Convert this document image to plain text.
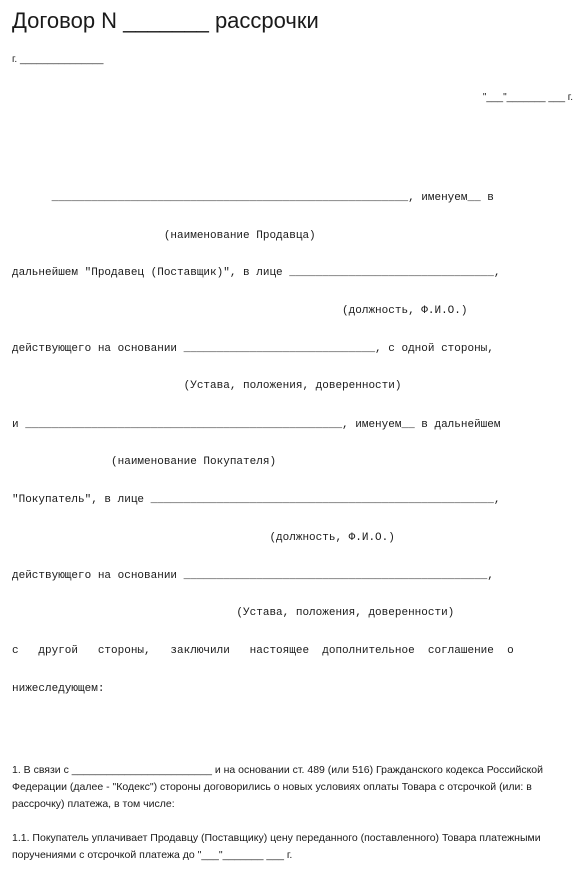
Договор N _______ рассрочки
г. _______________
"___"_______ ___ г.
______________________________________________________, именуем__ в
(наименование Продавца)
дальнейшем "Продавец (Поставщик)", в лице _______________________________,
(должность, Ф.И.О.)
действующего на основании _____________________________, с одной стороны,
(Устава, положения, доверенности)
и ________________________________________________, именуем__ в дальнейшем
(наименование Покупателя)
"Покупатель", в лице ____________________________________________________,
(должность, Ф.И.О.)
действующего на основании ______________________________________________,
(Устава, положения, доверенности)
с   другой   стороны,   заключили   настоящее  дополнительное  соглашение  о
нижеследующем:
1. В связи с ________________________ и на основании ст. 489 (или 516) Гражданского кодекса Российской Федерации (далее - "Кодекс") стороны договорились о новых условиях оплаты Товара с отсрочкой (или: в рассрочку) платежа, в том числе:
1.1. Покупатель уплачивает Продавцу (Поставщику) цену переданного (поставленного) Товара платежными поручениями с отсрочкой платежа до "___"_______ ___ г.
